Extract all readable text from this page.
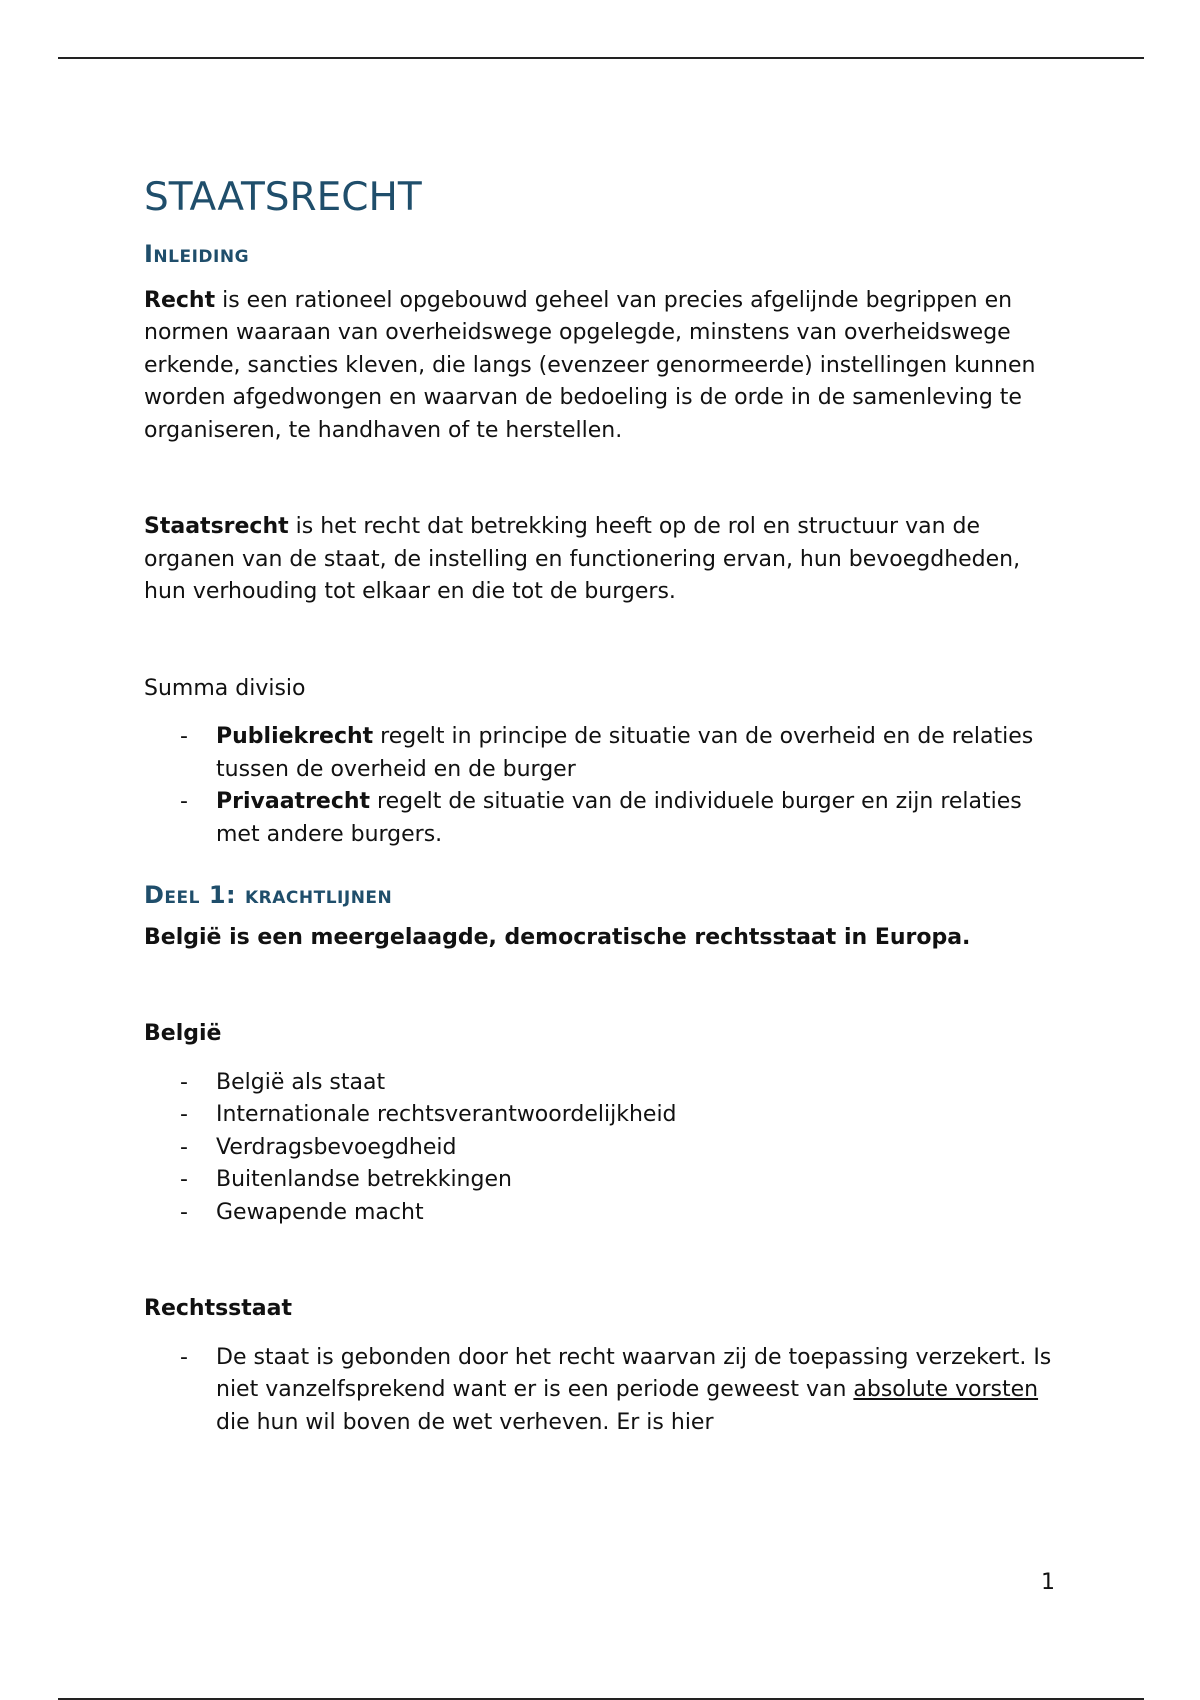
STAATSRECHT
Inleiding

Recht is een rationeel opgebouwd geheel van precies afgelijnde begrippen en normen waaraan van overheidswege opgelegde, minstens van overheidswege erkende, sancties kleven, die langs (evenzeer genormeerde) instellingen kunnen worden afgedwongen en waarvan de bedoeling is de orde in de samenleving te organiseren, te handhaven of te herstellen.

Staatsrecht is het recht dat betrekking heeft op de rol en structuur van de organen van de staat, de instelling en functionering ervan, hun bevoegdheden, hun verhouding tot elkaar en die tot de burgers.

Summa divisio

- Publiekrecht regelt in principe de situatie van de overheid en de relaties tussen de overheid en de burger
- Privaatrecht regelt de situatie van de individuele burger en zijn relaties met andere burgers.
Deel 1: krachtlijnen

België is een meergelaagde, democratische rechtsstaat in Europa.

België

- België als staat
- Internationale rechtsverantwoordelijkheid
- Verdragsbevoegdheid
- Buitenlandse betrekkingen
- Gewapende macht

Rechtsstaat

- De staat is gebonden door het recht waarvan zij de toepassing verzekert. Is niet vanzelfsprekend want er is een periode geweest van absolute vorsten die hun wil boven de wet verheven. Er is hier
1
